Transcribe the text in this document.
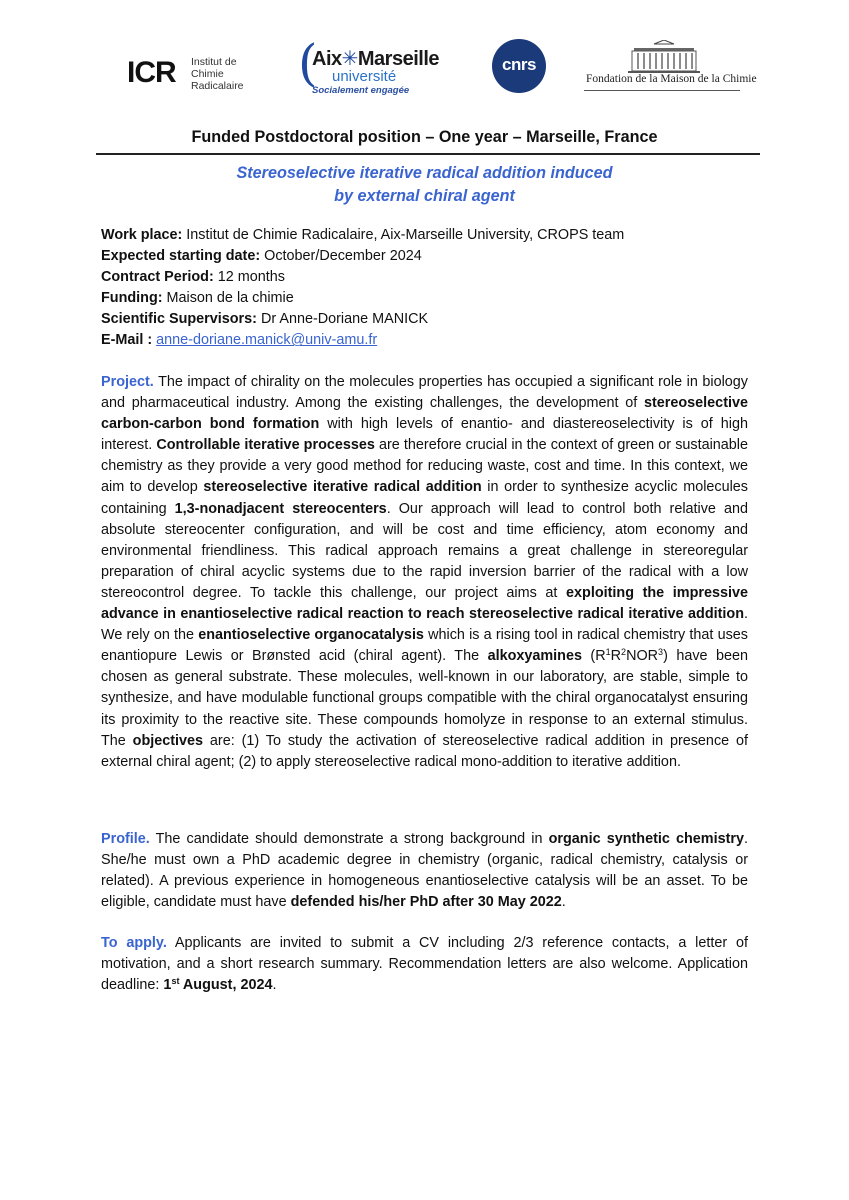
ICR Institut de
Chimie
Radicalaire	(
Aix✳Marseille
université
Socialement engagée
cnrs
Fondation de la Maison de la Chimie
Funded Postdoctoral position – One year – Marseille, France
Stereoselective iterative radical addition induced
by external chiral agent
Work place: Institut de Chimie Radicalaire, Aix-Marseille University, CROPS team
Expected starting date: October/December 2024
Contract Period: 12 months
Funding: Maison de la chimie
Scientific Supervisors: Dr Anne-Doriane MANICK
E-Mail : anne-doriane.manick@univ-amu.fr
Project. The impact of chirality on the molecules properties has occupied a significant role in biology and pharmaceutical industry. Among the existing challenges, the development of stereoselective carbon-carbon bond formation with high levels of enantio- and diastereoselectivity is of high interest. Controllable iterative processes are therefore crucial in the context of green or sustainable chemistry as they provide a very good method for reducing waste, cost and time. In this context, we aim to develop stereoselective iterative radical addition in order to synthesize acyclic molecules containing 1,3-nonadjacent stereocenters. Our approach will lead to control both relative and absolute stereocenter configuration, and will be cost and time efficiency, atom economy and environmental friendliness. This radical approach remains a great challenge in stereoregular preparation of chiral acyclic systems due to the rapid inversion barrier of the radical with a low stereocontrol degree. To tackle this challenge, our project aims at exploiting the impressive advance in enantioselective radical reaction to reach stereoselective radical iterative addition. We rely on the enantioselective organocatalysis which is a rising tool in radical chemistry that uses enantiopure Lewis or Brønsted acid (chiral agent). The alkoxyamines $(R^1R^2NOR^3)$ have been chosen as general substrate. These molecules, well-known in our laboratory, are stable, simple to synthesize, and have modulable functional groups compatible with the chiral organocatalyst ensuring its proximity to the reactive site. These compounds homolyze in response to an external stimulus. The objectives are: (1) To study the activation of stereoselective radical addition in presence of external chiral agent; (2) to apply stereoselective radical mono-addition to iterative addition.
Profile. The candidate should demonstrate a strong background in organic synthetic chemistry. She/he must own a PhD academic degree in chemistry (organic, radical chemistry, catalysis or related). A previous experience in homogeneous enantioselective catalysis will be an asset. To be eligible, candidate must have defended his/her PhD after 30 May 2022.
To apply. Applicants are invited to submit a CV including 2/3 reference contacts, a letter of motivation, and a short research summary. Recommendation letters are also welcome. Application deadline: 1st August, 2024.
